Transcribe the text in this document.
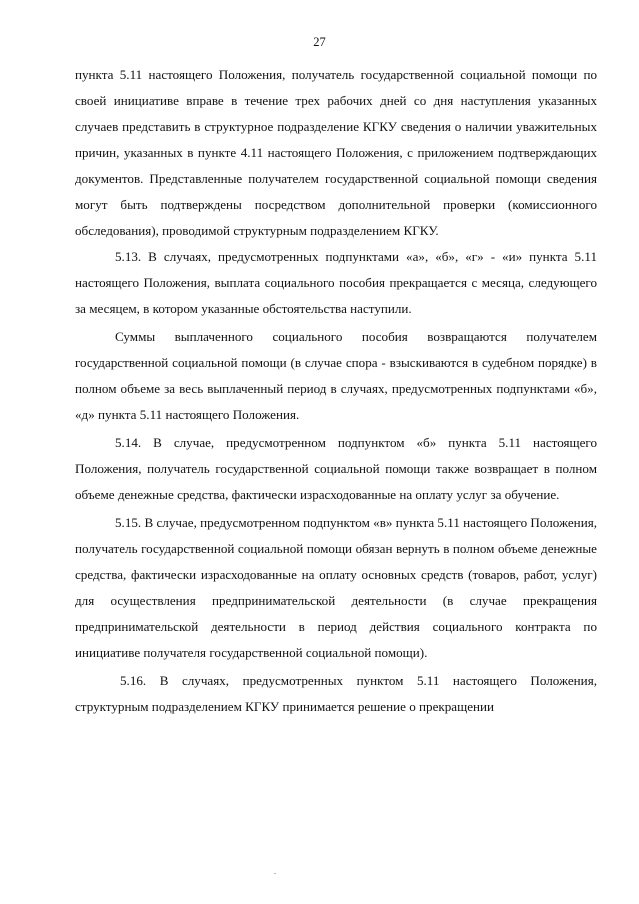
27

пункта 5.11 настоящего Положения, получатель государственной социальной помощи по своей инициативе вправе в течение трех рабочих дней со дня наступления указанных случаев представить в структурное подразделение КГКУ сведения о наличии уважительных причин, указанных в пункте 4.11 настоящего Положения, с приложением подтверждающих документов. Представленные получателем государственной социальной помощи сведения могут быть подтверждены посредством дополнительной проверки (комиссионного обследования), проводимой структурным подразделением КГКУ.

5.13. В случаях, предусмотренных подпунктами «а», «б», «г» - «и» пункта 5.11 настоящего Положения, выплата социального пособия прекращается с месяца, следующего за месяцем, в котором указанные обстоятельства наступили.

Суммы выплаченного социального пособия возвращаются получателем государственной социальной помощи (в случае спора - взыскиваются в судебном порядке) в полном объеме за весь выплаченный период в случаях, предусмотренных подпунктами «б», «д» пункта 5.11 настоящего Положения.

5.14. В случае, предусмотренном подпунктом «б» пункта 5.11 настоящего Положения, получатель государственной социальной помощи также возвращает в полном объеме денежные средства, фактически израсходованные на оплату услуг за обучение.

5.15. В случае, предусмотренном подпунктом «в» пункта 5.11 настоящего Положения, получатель государственной социальной помощи обязан вернуть в полном объеме денежные средства, фактически израсходованные на оплату основных средств (товаров, работ, услуг) для осуществления предпринимательской деятельности (в случае прекращения предпринимательской деятельности в период действия социального контракта по инициативе получателя государственной социальной помощи).

5.16. В случаях, предусмотренных пунктом 5.11 настоящего Положения, структурным подразделением КГКУ принимается решение о прекращении
